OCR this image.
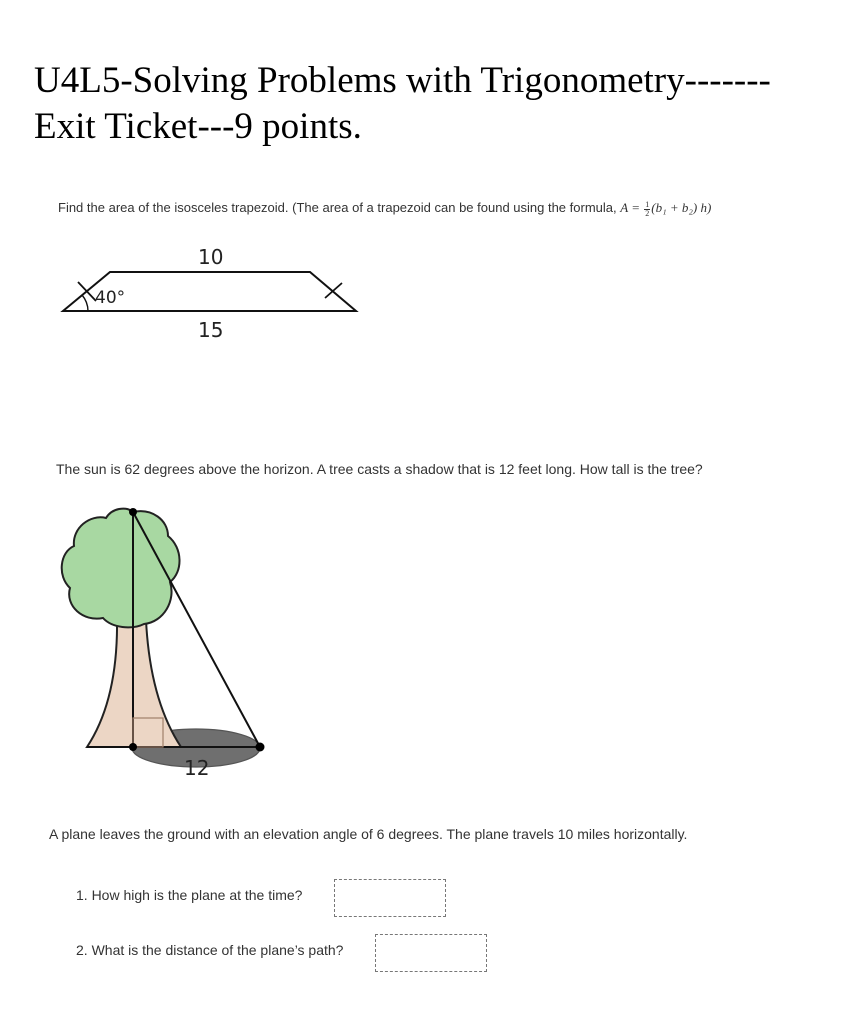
U4L5-Solving Problems with Trigonometry-------Exit Ticket---9 points.
Find the area of the isosceles trapezoid. (The area of a trapezoid can be found using the formula, $A = \frac{1}{2} (b_1 + b_2)$ h)
10
15
40°
12
The sun is 62 degrees above the horizon. A tree casts a shadow that is 12 feet long. How tall is the tree?
A plane leaves the ground with an elevation angle of 6 degrees. The plane travels 10 miles horizontally.
1. How high is the plane at the time?
2. What is the distance of the plane’s path?
